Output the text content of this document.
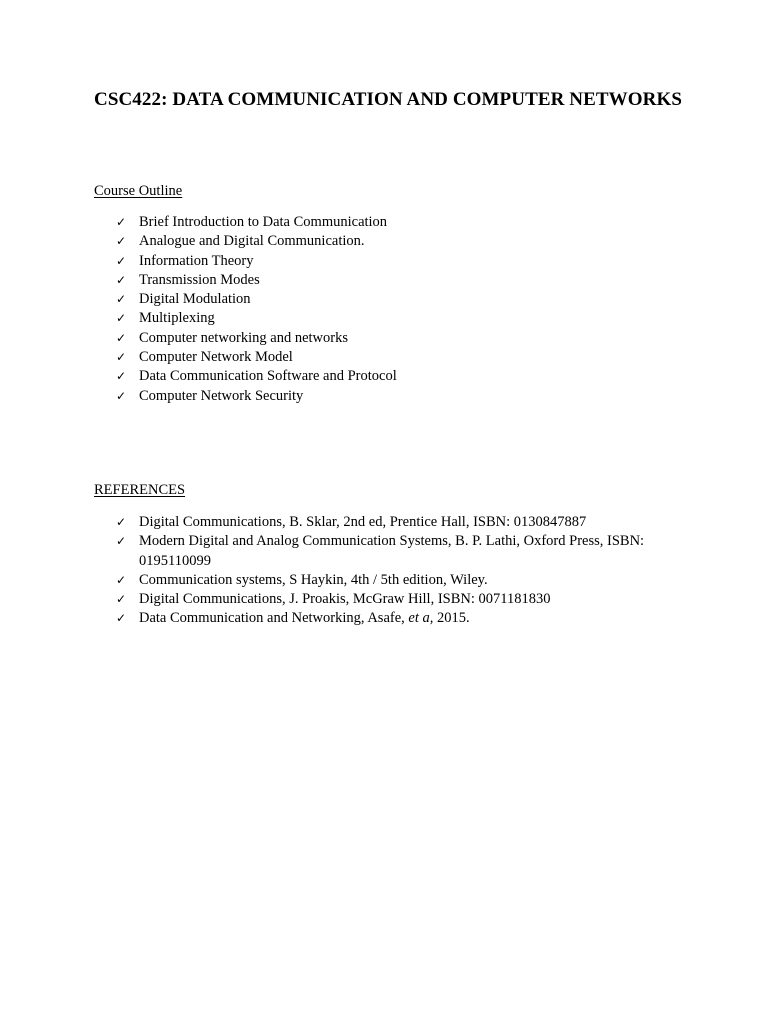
CSC422: DATA COMMUNICATION AND COMPUTER NETWORKS
Course Outline
✓ Brief Introduction to Data Communication
✓ Analogue and Digital Communication.
✓ Information Theory
✓ Transmission Modes
✓ Digital Modulation
✓ Multiplexing
✓ Computer networking and networks
✓ Computer Network Model
✓ Data Communication Software and Protocol
✓ Computer Network Security
REFERENCES
✓ Digital Communications, B. Sklar, 2nd ed, Prentice Hall, ISBN: 0130847887
✓ Modern Digital and Analog Communication Systems, B. P. Lathi, Oxford Press, ISBN: 0195110099
✓ Communication systems, S Haykin, 4th / 5th edition, Wiley.
✓ Digital Communications, J. Proakis, McGraw Hill, ISBN: 0071181830
✓ Data Communication and Networking, Asafe, et a, 2015.
